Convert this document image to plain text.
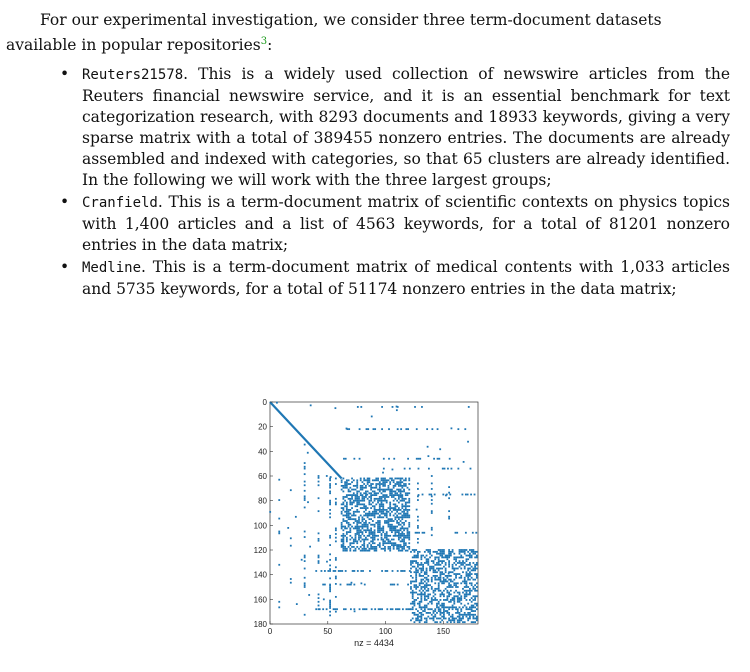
For our experimental investigation, we consider three term-document datasets available in popular repositories$^3$:

• Reuters21578. This is a widely used collection of newswire articles from the Reuters financial newswire service, and it is an essential benchmark for text categorization research, with 8293 documents and 18933 keywords, giving a very sparse matrix with a total of 389455 nonzero entries. The documents are already assembled and indexed with categories, so that 65 clusters are already identified. In the following we will work with the three largest groups;
• Cranfield. This is a term-document matrix of scientific contexts on physics topics with 1,400 articles and a list of 4563 keywords, for a total of 81201 nonzero entries in the data matrix;
• Medline. This is a term-document matrix of medical contents with 1,033 articles and 5735 keywords, for a total of 51174 nonzero entries in the data matrix;
0	50	100	150
0
20
40
60
80
100
120
140
160
180
nz = 4434
